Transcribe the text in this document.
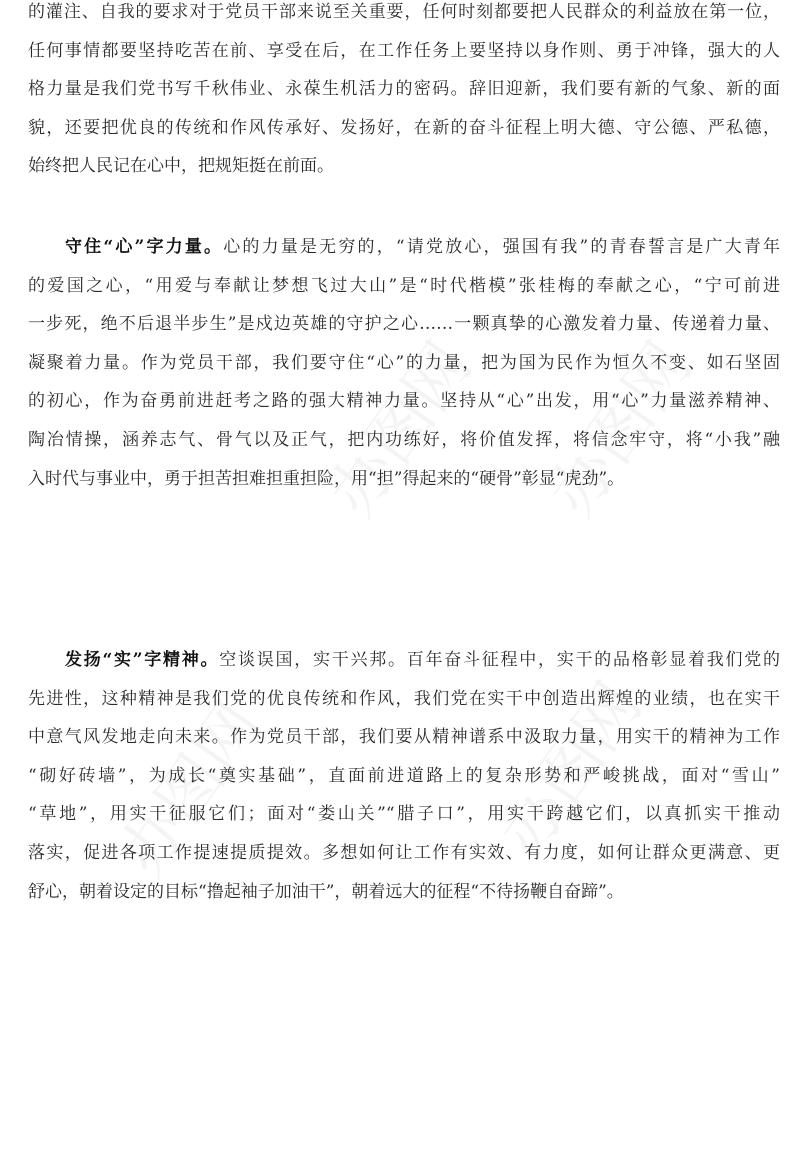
的灌注、自我的要求对于党员干部来说至关重要，任何时刻都要把人民群众的利益放在第一位，
任何事情都要坚持吃苦在前、享受在后，在工作任务上要坚持以身作则、勇于冲锋，强大的人
格力量是我们党书写千秋伟业、永葆生机活力的密码。辞旧迎新，我们要有新的气象、新的面
貌，还要把优良的传统和作风传承好、发扬好，在新的奋斗征程上明大德、守公德、严私德，
始终把人民记在心中，把规矩挺在前面。
守住“心”字力量。心的力量是无穷的，“请党放心，强国有我”的青春誓言是广大青年
的爱国之心，“用爱与奉献让梦想飞过大山”是“时代楷模”张桂梅的奉献之心，“宁可前进
一步死，绝不后退半步生”是戍边英雄的守护之心……一颗真挚的心激发着力量、传递着力量、
凝聚着力量。作为党员干部，我们要守住“心”的力量，把为国为民作为恒久不变、如石坚固
的初心，作为奋勇前进赶考之路的强大精神力量。坚持从“心”出发，用“心”力量滋养精神、
陶冶情操，涵养志气、骨气以及正气，把内功练好，将价值发挥，将信念牢守，将“小我”融
入时代与事业中，勇于担苦担难担重担险，用“担”得起来的“硬骨”彰显“虎劲”。
发扬“实”字精神。空谈误国，实干兴邦。百年奋斗征程中，实干的品格彰显着我们党的
先进性，这种精神是我们党的优良传统和作风，我们党在实干中创造出辉煌的业绩，也在实干
中意气风发地走向未来。作为党员干部，我们要从精神谱系中汲取力量，用实干的精神为工作
“砌好砖墙”，为成长“奠实基础”，直面前进道路上的复杂形势和严峻挑战，面对“雪山”
“草地”，用实干征服它们；面对“娄山关”“腊子口”，用实干跨越它们，以真抓实干推动
落实，促进各项工作提速提质提效。多想如何让工作有实效、有力度，如何让群众更满意、更
舒心，朝着设定的目标“撸起袖子加油干”，朝着远大的征程“不待扬鞭自奋蹄”。
